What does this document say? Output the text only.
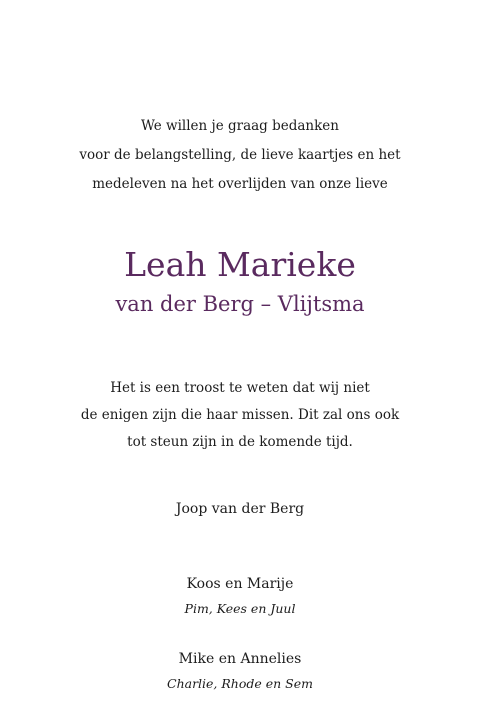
We willen je graag bedanken
voor de belangstelling, de lieve kaartjes en het
medeleven na het overlijden van onze lieve
Leah Marieke
van der Berg – Vlijtsma
Het is een troost te weten dat wij niet
de enigen zijn die haar missen. Dit zal ons ook
tot steun zijn in de komende tijd.
Joop van der Berg
Koos en Marije
Pim, Kees en Juul
Mike en Annelies
Charlie, Rhode en Sem
